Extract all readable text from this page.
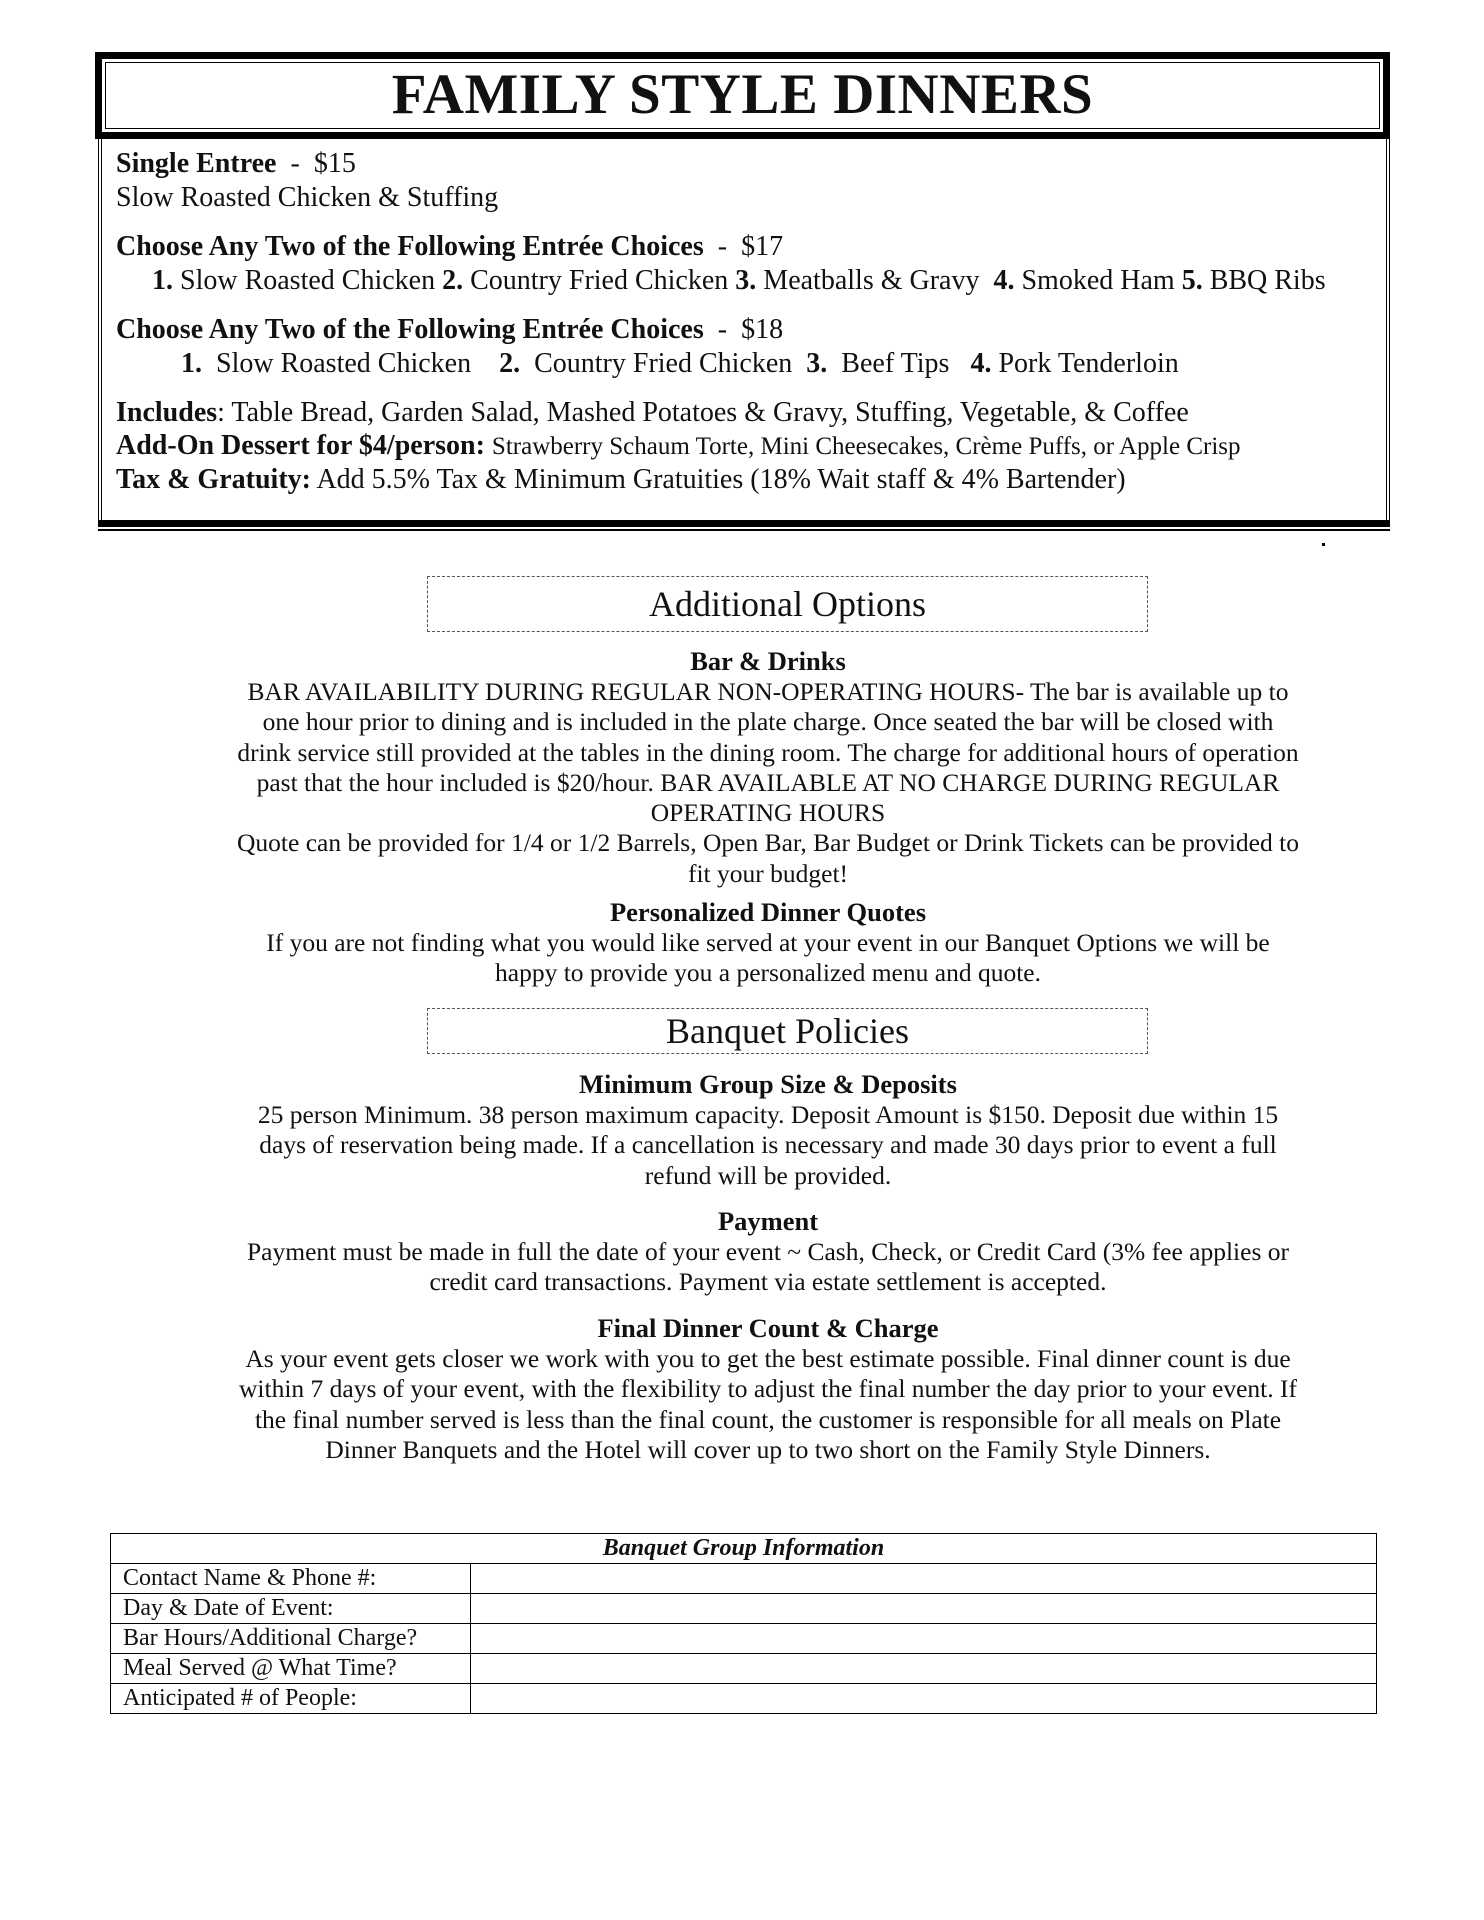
FAMILY STYLE DINNERS
Single Entree - $15
Slow Roasted Chicken & Stuffing
Choose Any Two of the Following Entrée Choices - $17
1. Slow Roasted Chicken 2. Country Fried Chicken 3. Meatballs & Gravy 4. Smoked Ham 5. BBQ Ribs
Choose Any Two of the Following Entrée Choices - $18
1. Slow Roasted Chicken 2. Country Fried Chicken 3. Beef Tips 4. Pork Tenderloin
Includes: Table Bread, Garden Salad, Mashed Potatoes & Gravy, Stuffing, Vegetable, & Coffee
Add-On Dessert for $4/person: Strawberry Schaum Torte, Mini Cheesecakes, Crème Puffs, or Apple Crisp
Tax & Gratuity: Add 5.5% Tax & Minimum Gratuities (18% Wait staff & 4% Bartender)
Additional Options
Bar & Drinks

BAR AVAILABILITY DURING REGULAR NON-OPERATING HOURS- The bar is available up to

one hour prior to dining and is included in the plate charge. Once seated the bar will be closed with

drink service still provided at the tables in the dining room. The charge for additional hours of operation

past that the hour included is $20/hour. BAR AVAILABLE AT NO CHARGE DURING REGULAR

OPERATING HOURS

Quote can be provided for 1/4 or 1/2 Barrels, Open Bar, Bar Budget or Drink Tickets can be provided to

fit your budget!

Personalized Dinner Quotes

If you are not finding what you would like served at your event in our Banquet Options we will be

happy to provide you a personalized menu and quote.

Banquet Policies
Minimum Group Size & Deposits

25 person Minimum. 38 person maximum capacity. Deposit Amount is $150. Deposit due within 15

days of reservation being made. If a cancellation is necessary and made 30 days prior to event a full

refund will be provided.

Payment

Payment must be made in full the date of your event ~ Cash, Check, or Credit Card (3% fee applies or

credit card transactions. Payment via estate settlement is accepted.

Final Dinner Count & Charge

As your event gets closer we work with you to get the best estimate possible. Final dinner count is due

within 7 days of your event, with the flexibility to adjust the final number the day prior to your event. If

the final number served is less than the final count, the customer is responsible for all meals on Plate

Dinner Banquets and the Hotel will cover up to two short on the Family Style Dinners.

Banquet Group Information	
Contact Name & Phone #:	
Day & Date of Event:	
Bar Hours/Additional Charge?	
Meal Served @ What Time?	
Anticipated # of People:	
